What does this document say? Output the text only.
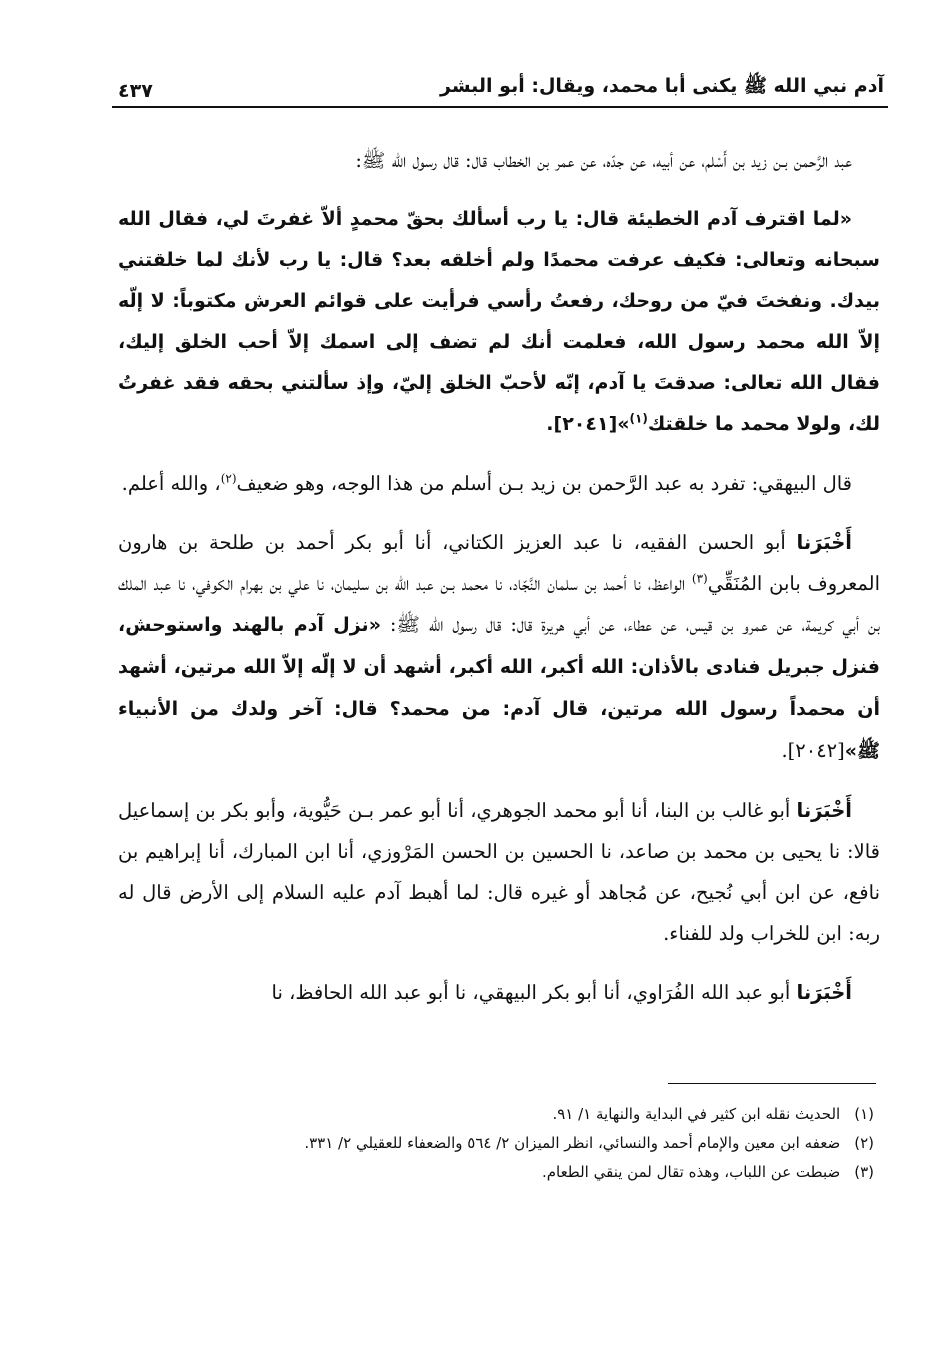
آدم نبي الله ﷺ يكنى أبا محمد، ويقال: أبو البشر
٤٣٧

عبد الرَّحمن بـن زيد بن أَسْلم، عن أبيه، عن جدّه، عن عمر بن الخطاب قال: قال رسول الله ﷺ:

«لما اقترف آدم الخطيئة قال: يا رب أسألك بحقّ محمدٍ ألاّ غفرتَ لي، فقال الله سبحانه وتعالى: فكيف عرفت محمدًا ولم أخلقه بعد؟ قال: يا رب لأنك لما خلقتني بيدك. ونفختَ فيّ من روحك، رفعتُ رأسي فرأيت على قوائم العرش مكتوباً: لا إلّه إلاّ الله محمد رسول الله، فعلمت أنك لم تضف إلى اسمك إلاّ أحب الخلق إليك، فقال الله تعالى: صدقتَ يا آدم، إنّه لأحبّ الخلق إليّ، وإذ سألتني بحقه فقد غفرتُ لك، ولولا محمد ما خلقتك$^{(١)}$»[٢٠٤١].

قال البيهقي: تفرد به عبد الرَّحمن بن زيد بـن أسلم من هذا الوجه، وهو ضعيف$^{(٢)}$، والله أعلم.

أَخْبَرَنا أبو الحسن الفقيه، نا عبد العزيز الكتاني، أنا أبو بكر أحمد بن طلحة بن هارون المعروف بابن المُنَقِّي$^{(٣)}$ الواعظ، نا أحمد بن سلمان النَّجّاد، نا محمد بـن عبد الله بن سليمان، نا علي بن بهرام الكوفي، نا عبد الملك بن أبي كريمة، عن عمرو بن قيس، عن عطاء، عن أبي هريرة قال: قال رسول الله ﷺ: «نزل آدم بالهند واستوحش، فنزل جبريل فنادى بالأذان: الله أكبر، الله أكبر، أشهد أن لا إلّه إلاّ الله مرتين، أشهد أن محمداً رسول الله مرتين، قال آدم: من محمد؟ قال: آخر ولدك من الأنبياء ﷺ»[٢٠٤٢].

أَخْبَرَنا أبو غالب بن البنا، أنا أبو محمد الجوهري، أنا أبو عمر بـن حَيُّوية، وأبو بكر بن إسماعيل قالا: نا يحيى بن محمد بن صاعد، نا الحسين بن الحسن المَرْوزي، أنا ابن المبارك، أنا إبراهيم بن نافع، عن ابن أبي نُجيح، عن مُجاهد أو غيره قال: لما أهبط آدم عليه السلام إلى الأرض قال له ربه: ابن للخراب ولد للفناء.

أَخْبَرَنا أبو عبد الله الفُرَاوي، أنا أبو بكر البيهقي، نا أبو عبد الله الحافظ، نا

(١)الحديث نقله ابن كثير في البداية والنهاية ١/ ٩١.

(٢)ضعفه ابن معين والإمام أحمد والنسائي، انظر الميزان ٢/ ٥٦٤ والضعفاء للعقيلي ٢/ ٣٣١.

(٣)ضبطت عن اللباب، وهذه تقال لمن ينقي الطعام.
